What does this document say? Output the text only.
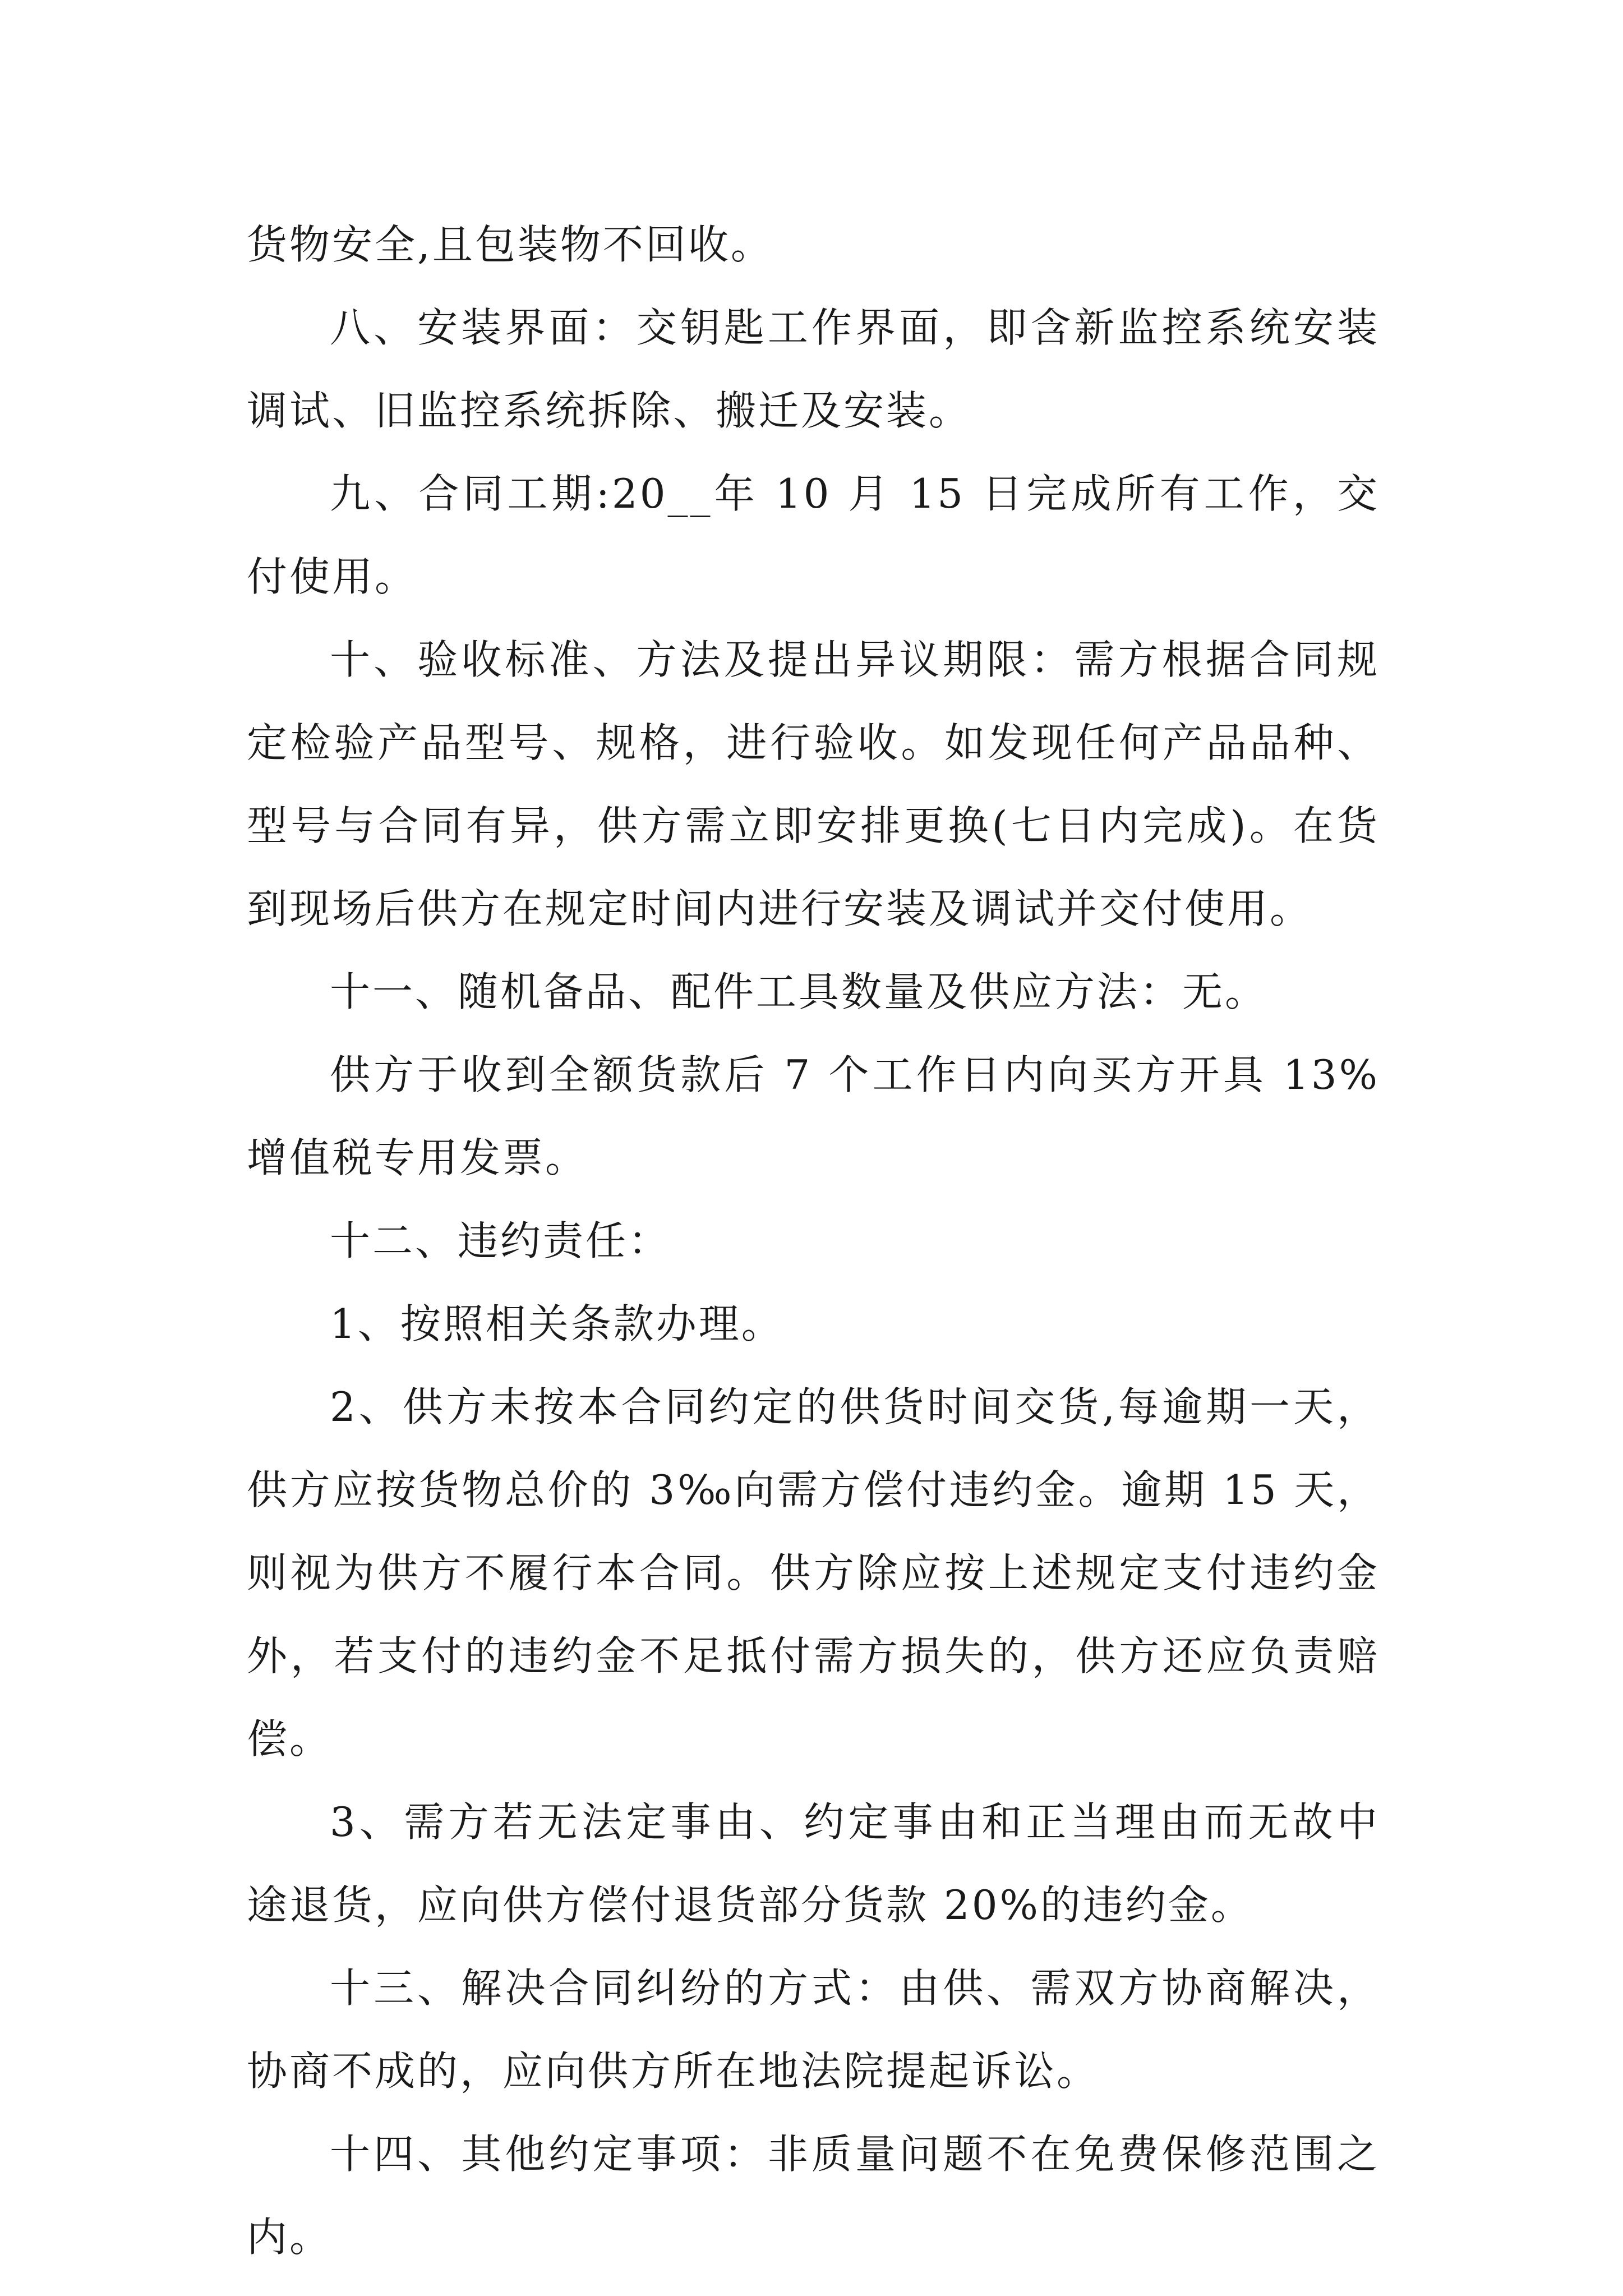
货物安全,且包装物不回收。

八、安装界面：交钥匙工作界面，即含新监控系统安装调试、旧监控系统拆除、搬迁及安装。

九、合同工期:20__年 10 月 15 日完成所有工作，交付使用。

十、验收标准、方法及提出异议期限：需方根据合同规定检验产品型号、规格，进行验收。如发现任何产品品种、型号与合同有异，供方需立即安排更换(七日内完成)。在货到现场后供方在规定时间内进行安装及调试并交付使用。

十一、随机备品、配件工具数量及供应方法：无。

供方于收到全额货款后 7 个工作日内向买方开具 13%增值税专用发票。

十二、违约责任：

1、按照相关条款办理。

2、供方未按本合同约定的供货时间交货,每逾期一天，供方应按货物总价的 3‰向需方偿付违约金。逾期 15 天，则视为供方不履行本合同。供方除应按上述规定支付违约金外，若支付的违约金不足抵付需方损失的，供方还应负责赔偿。

3、需方若无法定事由、约定事由和正当理由而无故中途退货，应向供方偿付退货部分货款 20%的违约金。

十三、解决合同纠纷的方式：由供、需双方协商解决，协商不成的，应向供方所在地法院提起诉讼。

十四、其他约定事项：非质量问题不在免费保修范围之内。
